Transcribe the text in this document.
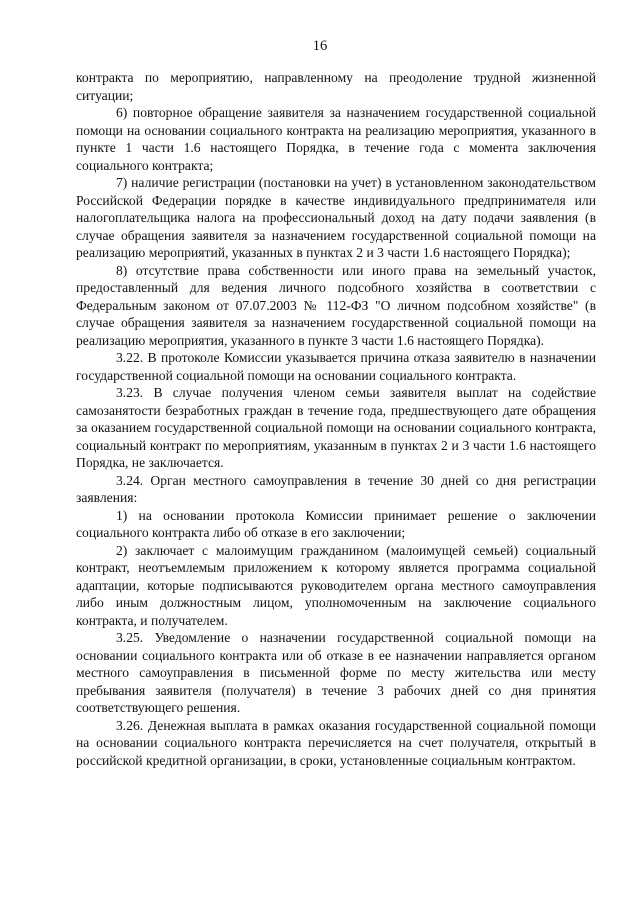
16

контракта по мероприятию, направленному на преодоление трудной жизненной ситуации;

6) повторное обращение заявителя за назначением государственной социальной помощи на основании социального контракта на реализацию мероприятия, указанного в пункте 1 части 1.6 настоящего Порядка, в течение года с момента заключения социального контракта;

7) наличие регистрации (постановки на учет) в установленном законодательством Российской Федерации порядке в качестве индивидуального предпринимателя или налогоплательщика налога на профессиональный доход на дату подачи заявления (в случае обращения заявителя за назначением государственной социальной помощи на реализацию мероприятий, указанных в пунктах 2 и 3 части 1.6 настоящего Порядка);

8) отсутствие права собственности или иного права на земельный участок, предоставленный для ведения личного подсобного хозяйства в соответствии с Федеральным законом от 07.07.2003 № 112-ФЗ "О личном подсобном хозяйстве" (в случае обращения заявителя за назначением государственной социальной помощи на реализацию мероприятия, указанного в пункте 3 части 1.6 настоящего Порядка).

3.22. В протоколе Комиссии указывается причина отказа заявителю в назначении государственной социальной помощи на основании социального контракта.

3.23. В случае получения членом семьи заявителя выплат на содействие самозанятости безработных граждан в течение года, предшествующего дате обращения за оказанием государственной социальной помощи на основании социального контракта, социальный контракт по мероприятиям, указанным в пунктах 2 и 3 части 1.6 настоящего Порядка, не заключается.

3.24. Орган местного самоуправления в течение 30 дней со дня регистрации заявления:

1) на основании протокола Комиссии принимает решение о заключении социального контракта либо об отказе в его заключении;

2) заключает с малоимущим гражданином (малоимущей семьей) социальный контракт, неотъемлемым приложением к которому является программа социальной адаптации, которые подписываются руководителем органа местного самоуправления либо иным должностным лицом, уполномоченным на заключение социального контракта, и получателем.

3.25. Уведомление о назначении государственной социальной помощи на основании социального контракта или об отказе в ее назначении направляется органом местного самоуправления в письменной форме по месту жительства или месту пребывания заявителя (получателя) в течение 3 рабочих дней со дня принятия соответствующего решения.

3.26. Денежная выплата в рамках оказания государственной социальной помощи на основании социального контракта перечисляется на счет получателя, открытый в российской кредитной организации, в сроки, установленные социальным контрактом.
